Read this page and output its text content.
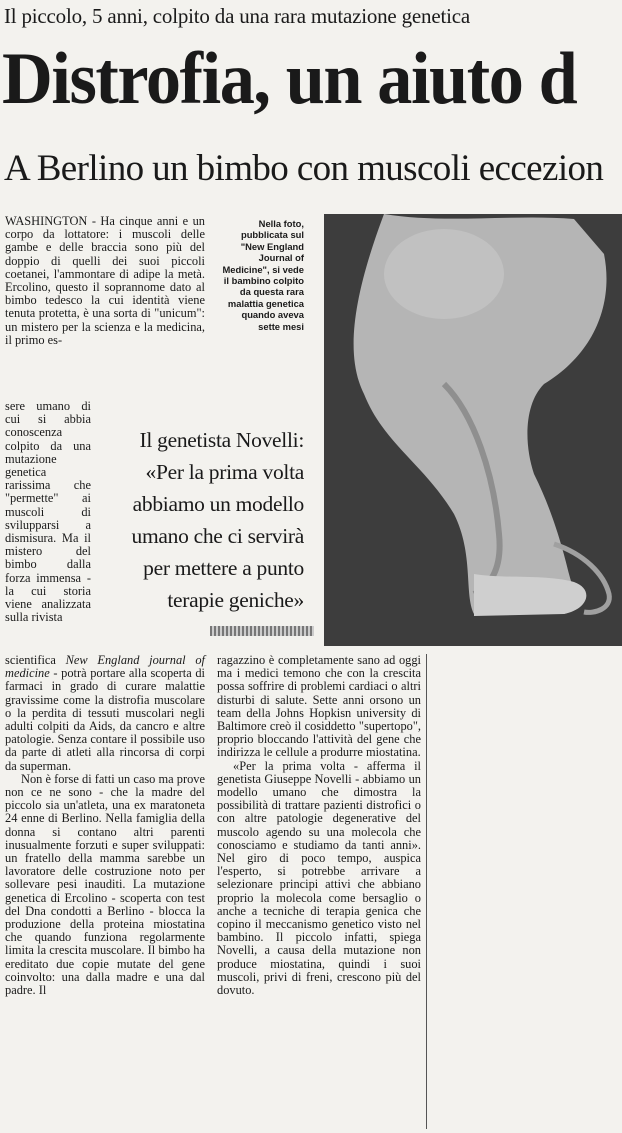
Il piccolo, 5 anni, colpito da una rara mutazione genetica
Distrofia, un aiuto d
A Berlino un bimbo con muscoli eccezion

WASHINGTON - Ha cinque anni e un corpo da lottatore: i muscoli delle gambe e delle braccia sono più del doppio di quelli dei suoi piccoli coetanei, l'ammontare di adipe la metà. Ercolino, questo il soprannome dato al bimbo tedesco la cui identità viene tenuta protetta, è una sorta di "unicum": un mistero per la scienza e la medicina, il primo es-

sere umano di cui si abbia conoscenza colpito da una mutazione genetica rarissima che "permette" ai muscoli di svilupparsi a dismisura. Ma il mistero del bimbo dalla forza immensa - la cui storia viene analizzata sulla rivista

scientifica New England journal of medicine - potrà portare alla scoperta di farmaci in grado di curare malattie gravissime come la distrofia muscolare o la perdita di tessuti muscolari negli adulti colpiti da Aids, da cancro e altre patologie. Senza contare il possibile uso da parte di atleti alla rincorsa di corpi da superman.

Non è forse di fatti un caso ma prove non ce ne sono - che la madre del piccolo sia un'atleta, una ex maratoneta 24 enne di Berlino. Nella famiglia della donna si contano altri parenti inusualmente forzuti e super sviluppati: un fratello della mamma sarebbe un lavoratore delle costruzione noto per sollevare pesi inauditi. La mutazione genetica di Ercolino - scoperta con test del Dna condotti a Berlino - blocca la produzione della proteina miostatina che quando funziona regolarmente limita la crescita muscolare. Il bimbo ha ereditato due copie mutate del gene coinvolto: una dalla madre e una dal padre. Il

Nella foto, pubblicata sul "New England Journal of Medicine", si vede il bambino colpito da questa rara malattia genetica quando aveva sette mesi
Il genetista Novelli:
«Per la prima volta
abbiamo un modello
umano che ci servirà
per mettere a punto
terapie geniche»

ragazzino è completamente sano ad oggi ma i medici temono che con la crescita possa soffrire di problemi cardiaci o altri disturbi di salute. Sette anni orsono un team della Johns Hopkisn university di Baltimore creò il cosiddetto "supertopo", proprio bloccando l'attività del gene che indirizza le cellule a produrre miostatina.

«Per la prima volta - afferma il genetista Giuseppe Novelli - abbiamo un modello umano che dimostra la possibilità di trattare pazienti distrofici o con altre patologie degenerative del muscolo agendo su una molecola che conosciamo e studiamo da tanti anni». Nel giro di poco tempo, auspica l'esperto, si potrebbe arrivare a selezionare principi attivi che abbiano proprio la molecola come bersaglio o anche a tecniche di terapia genica che copino il meccanismo genetico visto nel bambino. Il piccolo infatti, spiega Novelli, a causa della mutazione non produce miostatina, quindi i suoi muscoli, privi di freni, crescono più del dovuto.
